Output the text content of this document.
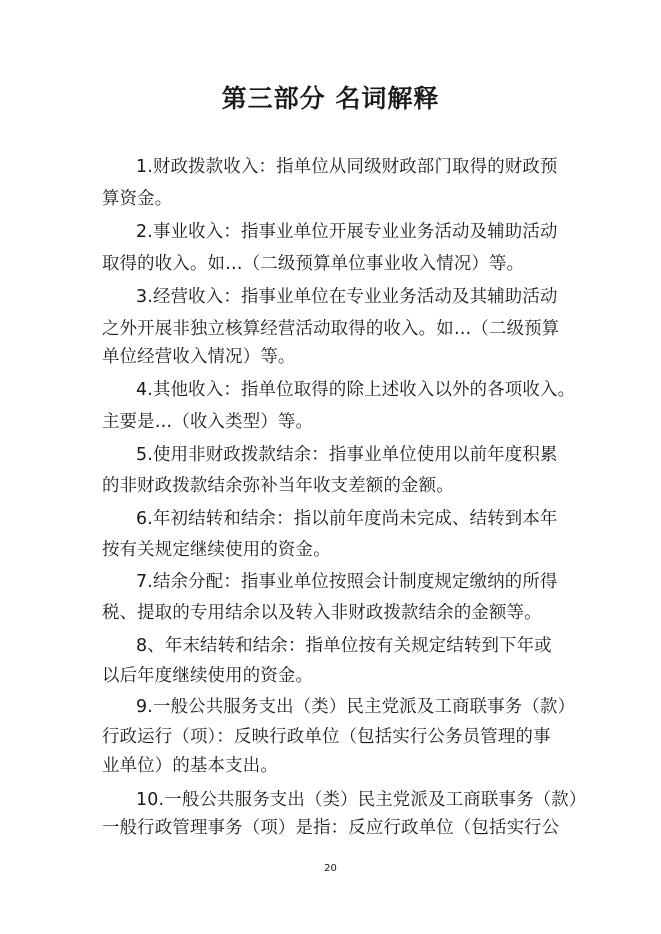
第三部分 名词解释
1.财政拨款收入：指单位从同级财政部门取得的财政预
算资金。
2.事业收入：指事业单位开展专业业务活动及辅助活动
取得的收入。如…（二级预算单位事业收入情况）等。
3.经营收入：指事业单位在专业业务活动及其辅助活动
之外开展非独立核算经营活动取得的收入。如…（二级预算
单位经营收入情况）等。
4.其他收入：指单位取得的除上述收入以外的各项收入。
主要是…（收入类型）等。
5.使用非财政拨款结余：指事业单位使用以前年度积累
的非财政拨款结余弥补当年收支差额的金额。
6.年初结转和结余：指以前年度尚未完成、结转到本年
按有关规定继续使用的资金。
7.结余分配：指事业单位按照会计制度规定缴纳的所得
税、提取的专用结余以及转入非财政拨款结余的金额等。
8、年末结转和结余：指单位按有关规定结转到下年或
以后年度继续使用的资金。
9.一般公共服务支出（类）民主党派及工商联事务（款）
行政运行（项）：反映行政单位（包括实行公务员管理的事
业单位）的基本支出。
10.一般公共服务支出（类）民主党派及工商联事务（款）
一般行政管理事务（项）是指：反应行政单位（包括实行公
20
